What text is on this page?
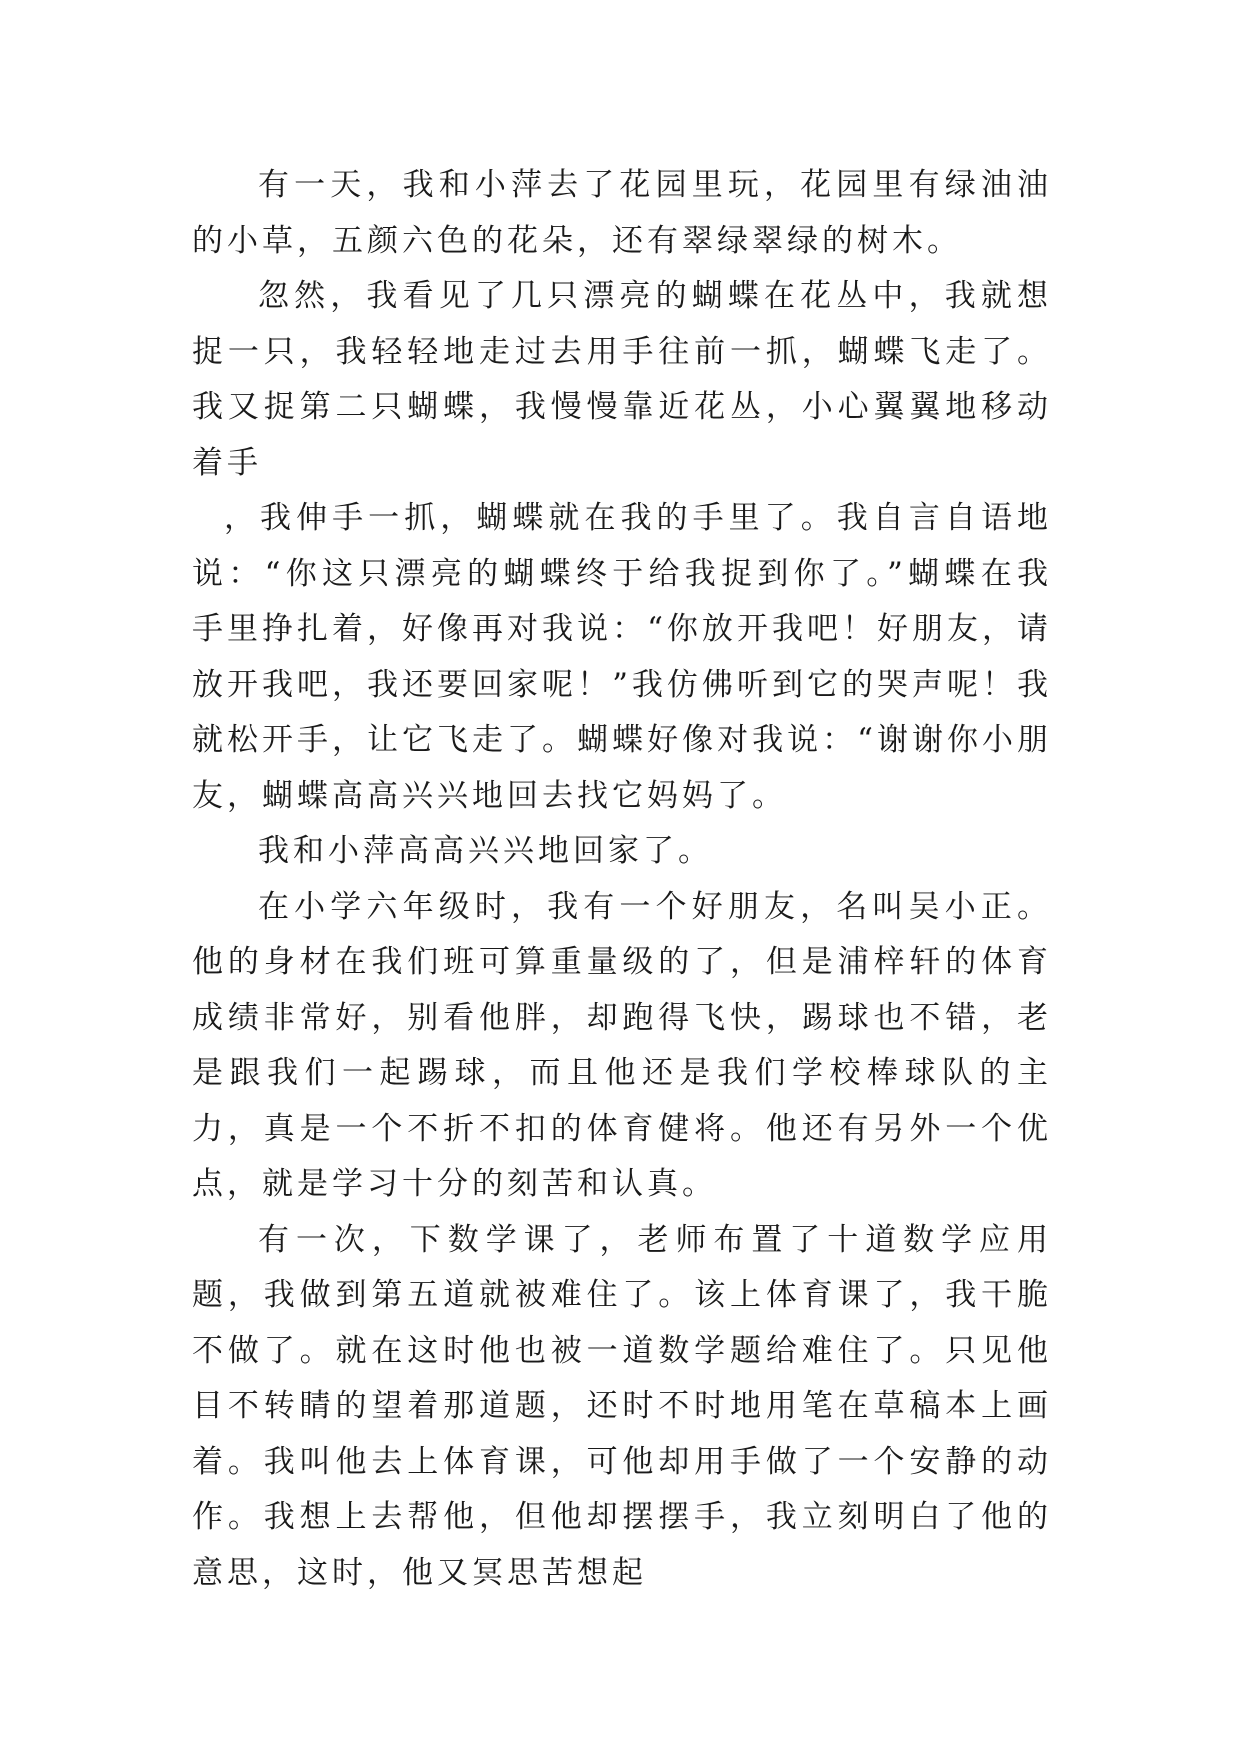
有一天，我和小萍去了花园里玩，花园里有绿油油的小草，五颜六色的花朵，还有翠绿翠绿的树木。

忽然，我看见了几只漂亮的蝴蝶在花丛中，我就想捉一只，我轻轻地走过去用手往前一抓，蝴蝶飞走了。我又捉第二只蝴蝶，我慢慢靠近花丛，小心翼翼地移动着手

，我伸手一抓，蝴蝶就在我的手里了。我自言自语地说：“你这只漂亮的蝴蝶终于给我捉到你了。”蝴蝶在我手里挣扎着，好像再对我说：“你放开我吧！好朋友，请放开我吧，我还要回家呢！”我仿佛听到它的哭声呢！我就松开手，让它飞走了。蝴蝶好像对我说：“谢谢你小朋友，蝴蝶高高兴兴地回去找它妈妈了。

我和小萍高高兴兴地回家了。

在小学六年级时，我有一个好朋友，名叫吴小正。他的身材在我们班可算重量级的了，但是浦梓轩的体育成绩非常好，别看他胖，却跑得飞快，踢球也不错，老是跟我们一起踢球，而且他还是我们学校棒球队的主力，真是一个不折不扣的体育健将。他还有另外一个优点，就是学习十分的刻苦和认真。

有一次，下数学课了，老师布置了十道数学应用题，我做到第五道就被难住了。该上体育课了，我干脆不做了。就在这时他也被一道数学题给难住了。只见他目不转睛的望着那道题，还时不时地用笔在草稿本上画着。我叫他去上体育课，可他却用手做了一个安静的动作。我想上去帮他，但他却摆摆手，我立刻明白了他的意思，这时，他又冥思苦想起
